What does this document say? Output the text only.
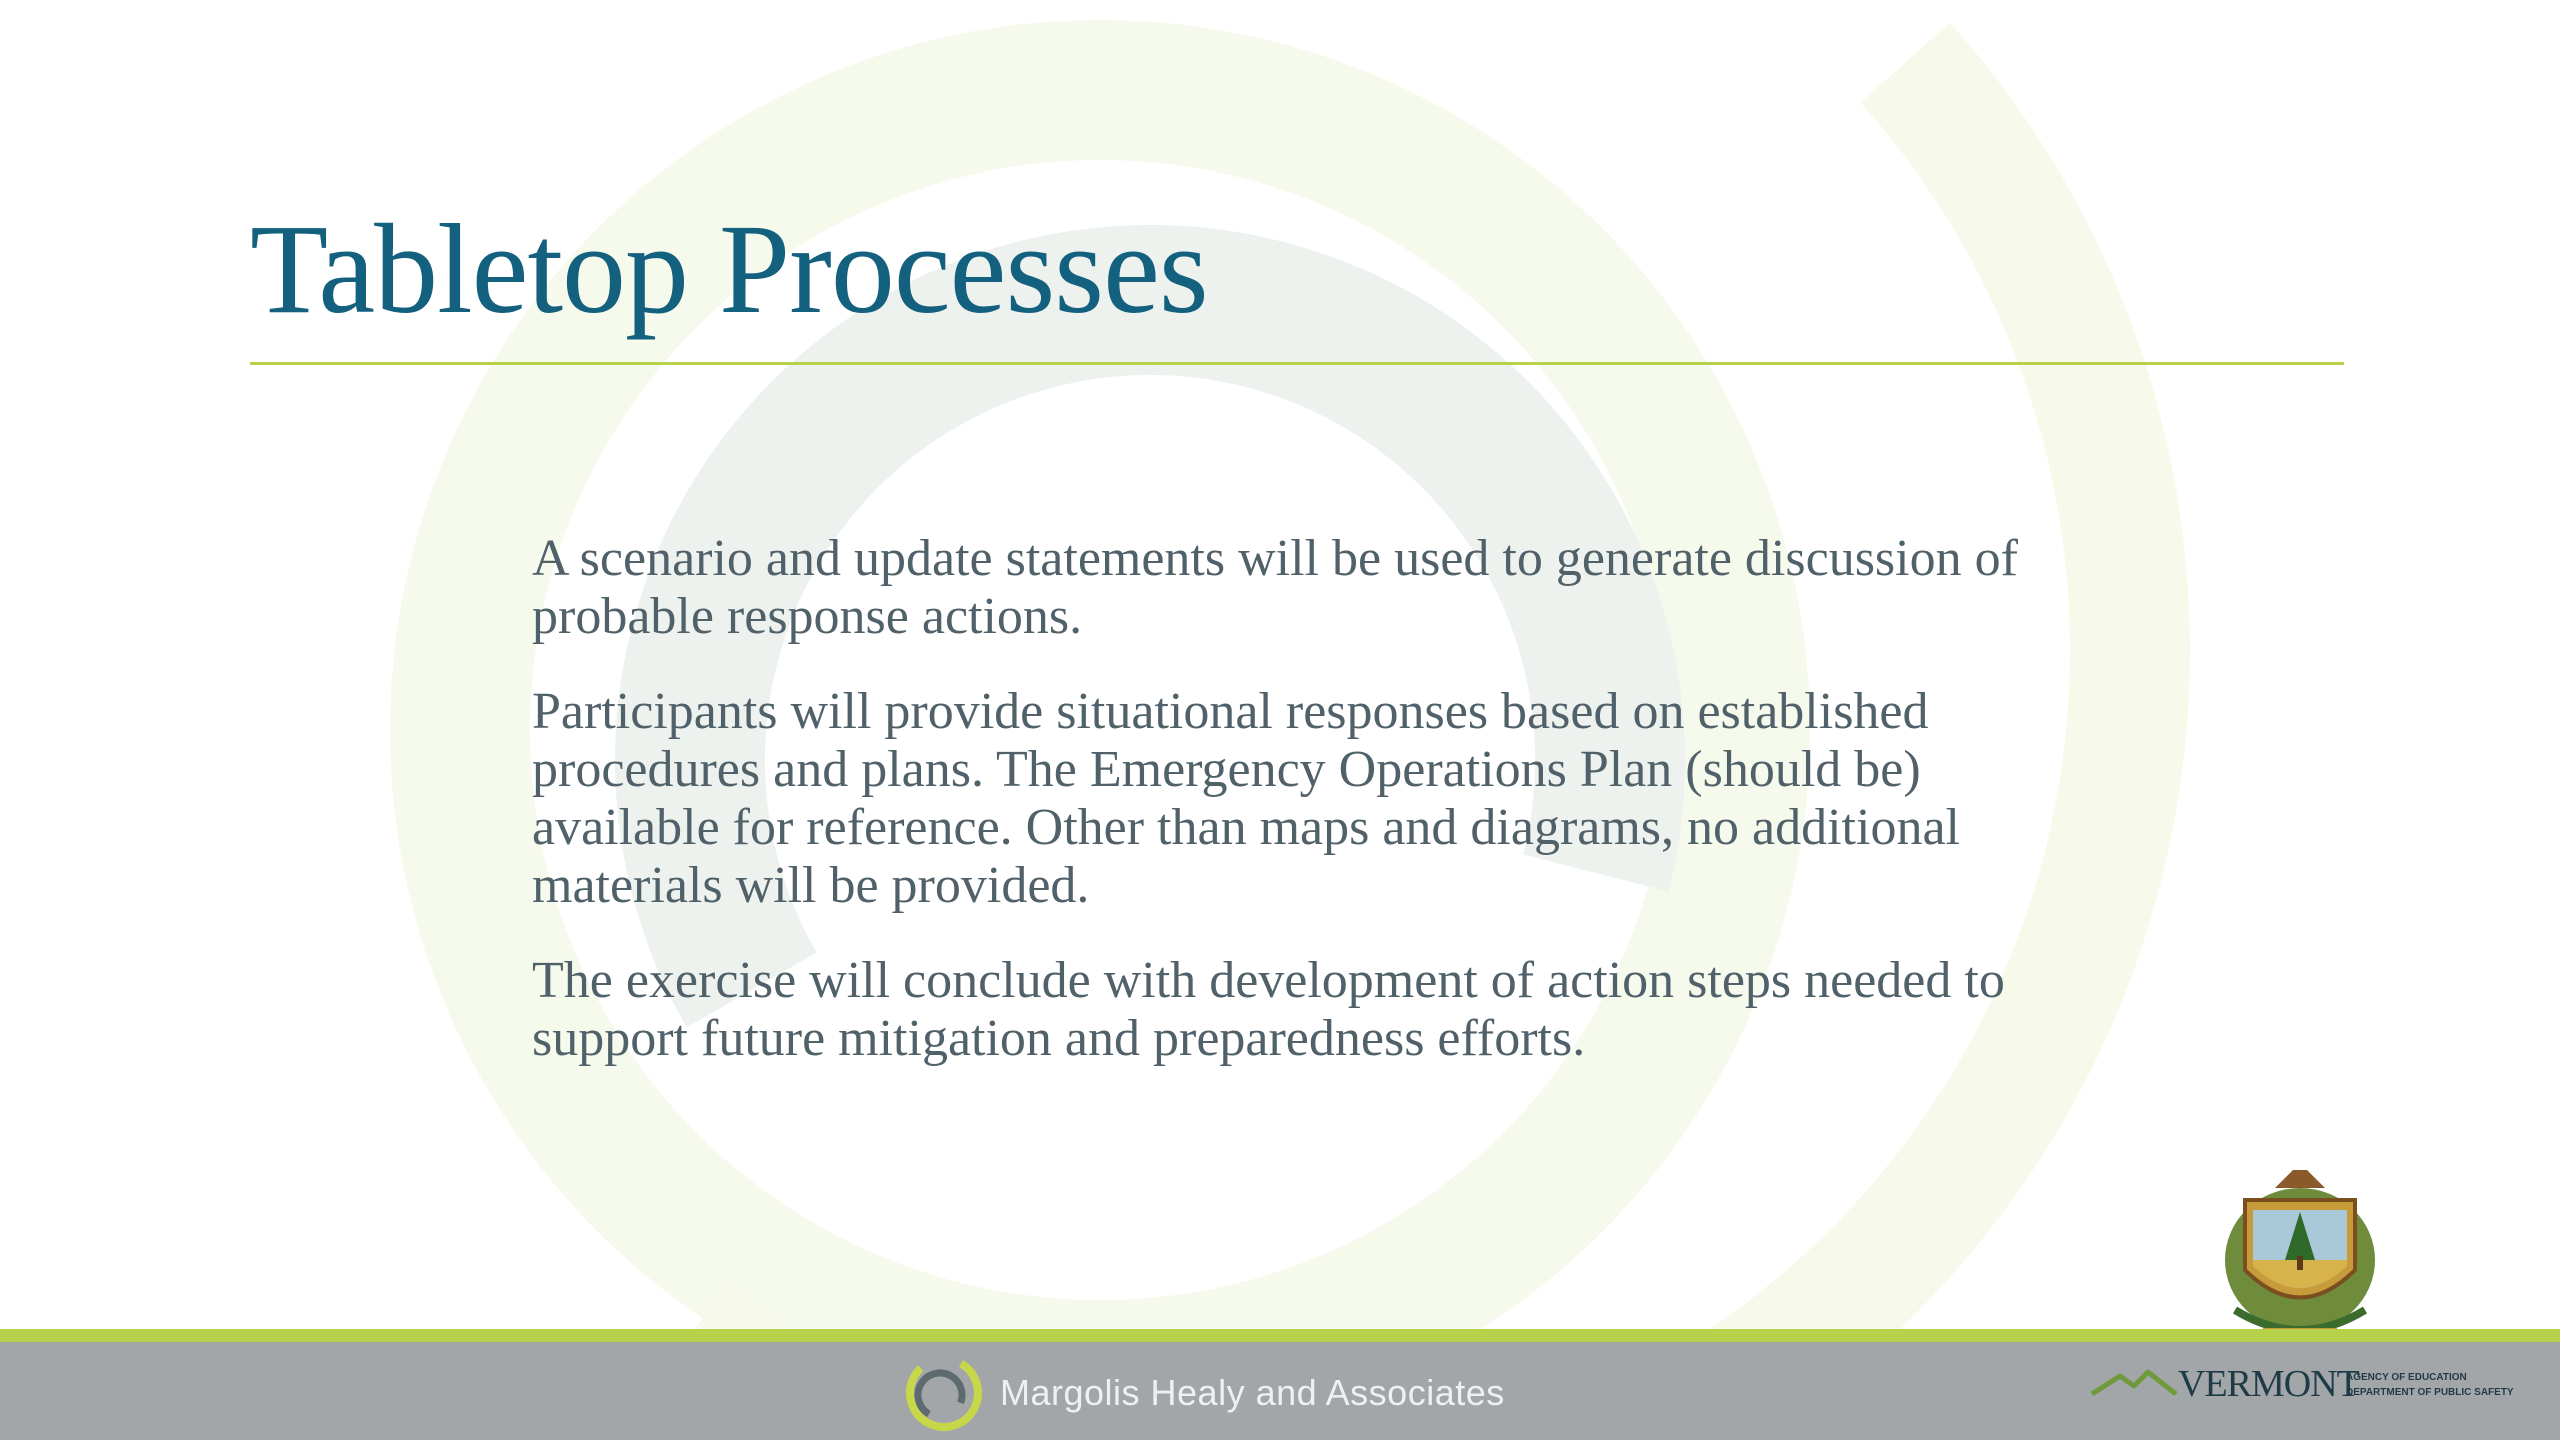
Tabletop Processes

A scenario and update statements will be used to generate discussion of probable response actions.

Participants will provide situational responses based on established procedures and plans. The Emergency Operations Plan (should be) available for reference. Other than maps and diagrams, no additional materials will be provided.

The exercise will conclude with development of action steps needed to support future mitigation and preparedness efforts.

Margolis Healy and Associates	VERMONT
AGENCY OF EDUCATION
DEPARTMENT OF PUBLIC SAFETY
